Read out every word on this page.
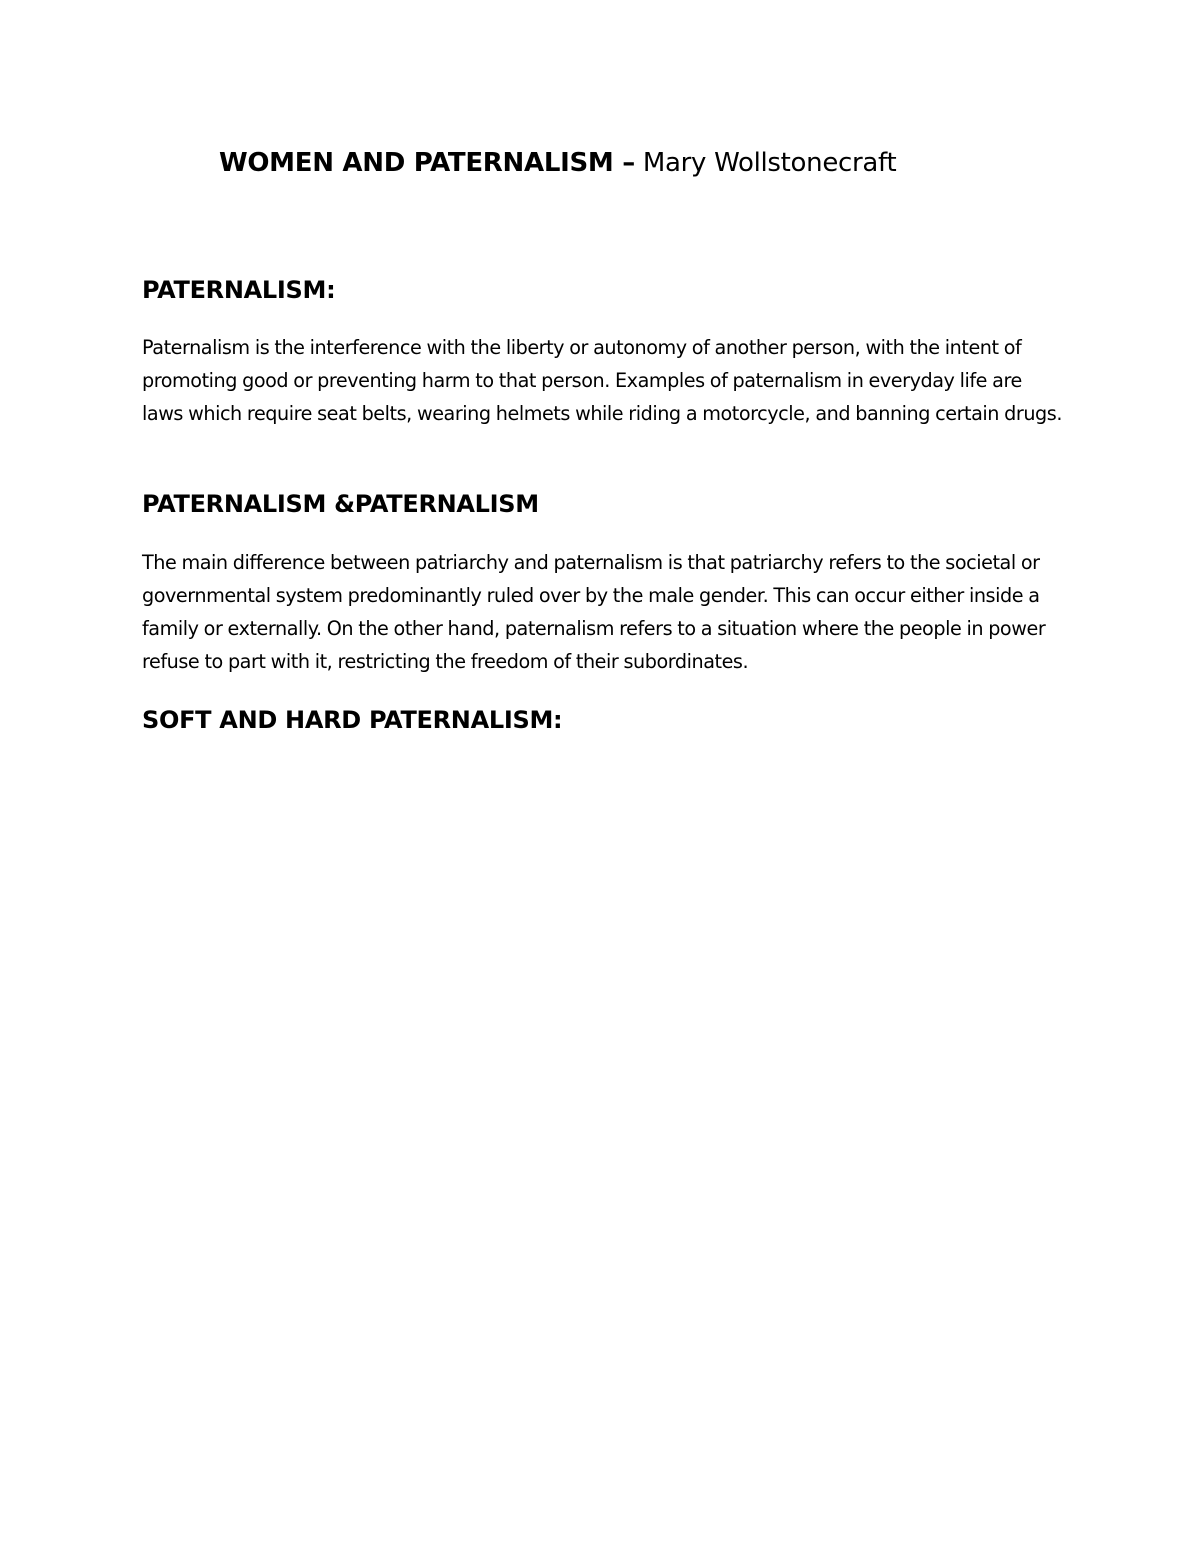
WOMEN AND PATERNALISM – Mary Wollstonecraft
PATERNALISM:

Paternalism is the interference with the liberty or autonomy of another person, with the intent of promoting good or preventing harm to that person. Examples of paternalism in everyday life are laws which require seat belts, wearing helmets while riding a motorcycle, and banning certain drugs.

PATERNALISM &PATERNALISM

The main difference between patriarchy and paternalism is that patriarchy refers to the societal or governmental system predominantly ruled over by the male gender. This can occur either inside a family or externally. On the other hand, paternalism refers to a situation where the people in power refuse to part with it, restricting the freedom of their subordinates.

SOFT AND HARD PATERNALISM:
